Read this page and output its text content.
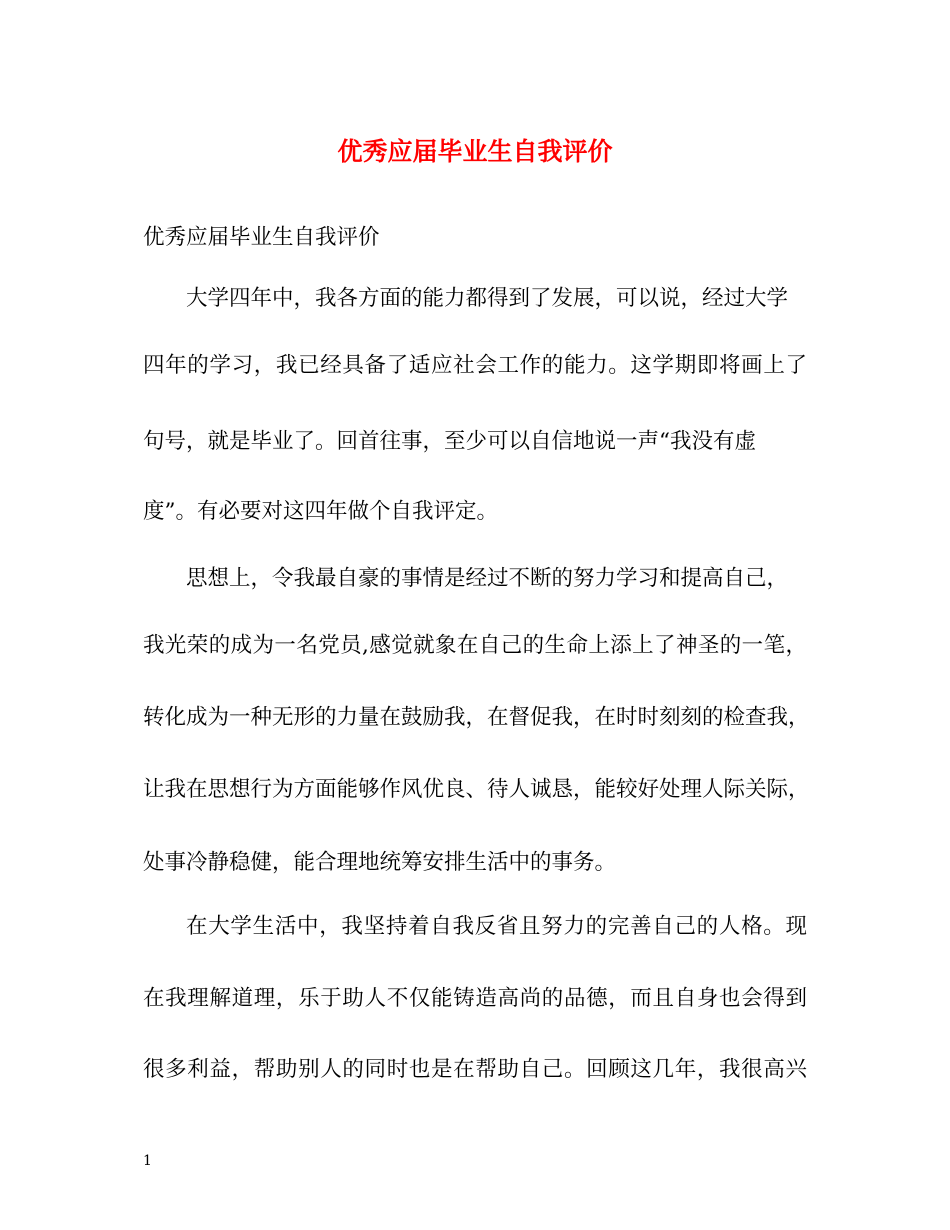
优秀应届毕业生自我评价
优秀应届毕业生自我评价
大学四年中，我各方面的能力都得到了发展，可以说，经过大学
四年的学习，我已经具备了适应社会工作的能力。这学期即将画上了
句号，就是毕业了。回首往事，至少可以自信地说一声“我没有虚
度”。有必要对这四年做个自我评定。
思想上，令我最自豪的事情是经过不断的努力学习和提高自己，
我光荣的成为一名党员,感觉就象在自己的生命上添上了神圣的一笔，
转化成为一种无形的力量在鼓励我，在督促我，在时时刻刻的检查我，
让我在思想行为方面能够作风优良、待人诚恳，能较好处理人际关际，
处事冷静稳健，能合理地统筹安排生活中的事务。
在大学生活中，我坚持着自我反省且努力的完善自己的人格。现
在我理解道理，乐于助人不仅能铸造高尚的品德，而且自身也会得到
很多利益，帮助别人的同时也是在帮助自己。回顾这几年，我很高兴
1
